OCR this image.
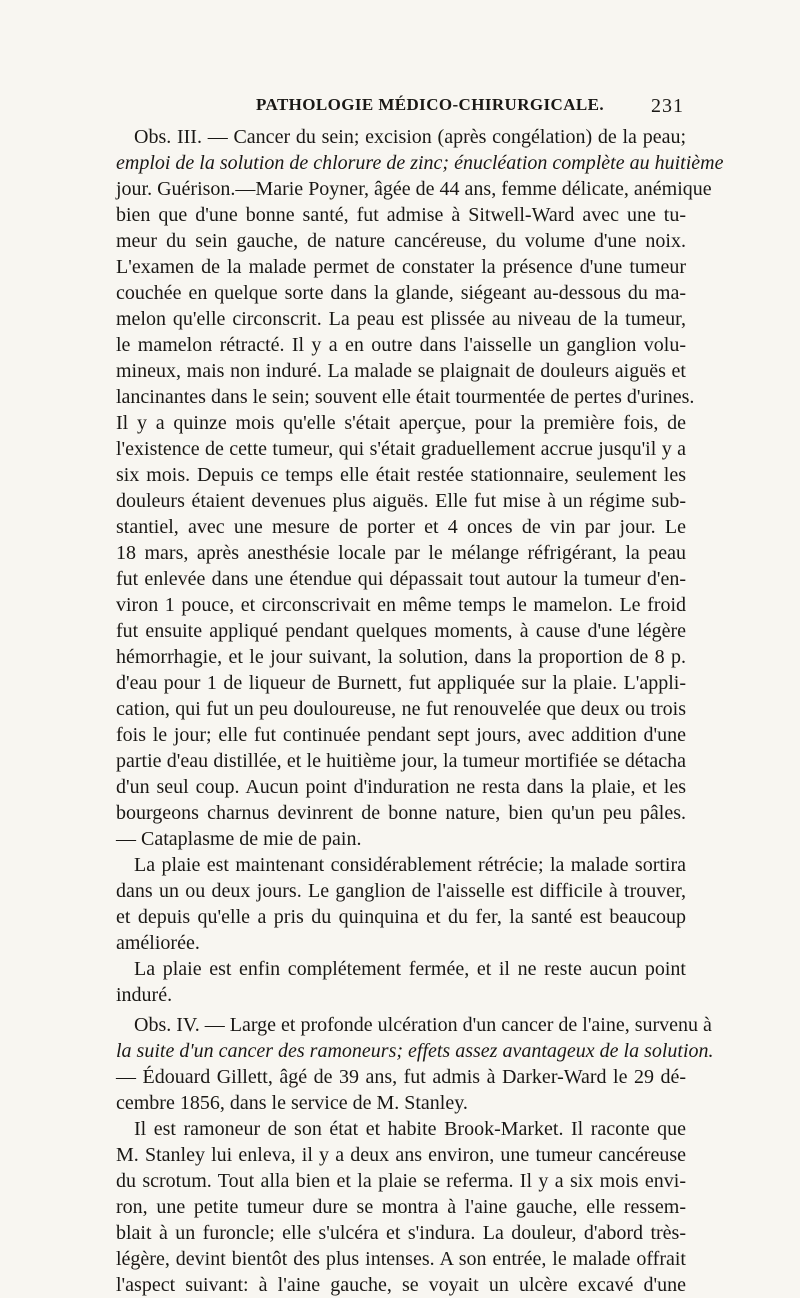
PATHOLOGIE MÉDICO-CHIRURGICALE. 231
Obs. III. — Cancer du sein; excision (après congélation) de la peau;
emploi de la solution de chlorure de zinc; énucléation complète au huitième
jour. Guérison.—Marie Poyner, âgée de 44 ans, femme délicate, anémique
bien que d'une bonne santé, fut admise à Sitwell-Ward avec une tu-
meur du sein gauche, de nature cancéreuse, du volume d'une noix.
L'examen de la malade permet de constater la présence d'une tumeur
couchée en quelque sorte dans la glande, siégeant au-dessous du ma-
melon qu'elle circonscrit. La peau est plissée au niveau de la tumeur,
le mamelon rétracté. Il y a en outre dans l'aisselle un ganglion volu-
mineux, mais non induré. La malade se plaignait de douleurs aiguës et
lancinantes dans le sein; souvent elle était tourmentée de pertes d'urines.
Il y a quinze mois qu'elle s'était aperçue, pour la première fois, de
l'existence de cette tumeur, qui s'était graduellement accrue jusqu'il y a
six mois. Depuis ce temps elle était restée stationnaire, seulement les
douleurs étaient devenues plus aiguës. Elle fut mise à un régime sub-
stantiel, avec une mesure de porter et 4 onces de vin par jour. Le
18 mars, après anesthésie locale par le mélange réfrigérant, la peau
fut enlevée dans une étendue qui dépassait tout autour la tumeur d'en-
viron 1 pouce, et circonscrivait en même temps le mamelon. Le froid
fut ensuite appliqué pendant quelques moments, à cause d'une légère
hémorrhagie, et le jour suivant, la solution, dans la proportion de 8 p.
d'eau pour 1 de liqueur de Burnett, fut appliquée sur la plaie. L'appli-
cation, qui fut un peu douloureuse, ne fut renouvelée que deux ou trois
fois le jour; elle fut continuée pendant sept jours, avec addition d'une
partie d'eau distillée, et le huitième jour, la tumeur mortifiée se détacha
d'un seul coup. Aucun point d'induration ne resta dans la plaie, et les
bourgeons charnus devinrent de bonne nature, bien qu'un peu pâles.
— Cataplasme de mie de pain.
La plaie est maintenant considérablement rétrécie; la malade sortira
dans un ou deux jours. Le ganglion de l'aisselle est difficile à trouver,
et depuis qu'elle a pris du quinquina et du fer, la santé est beaucoup
améliorée.
La plaie est enfin complétement fermée, et il ne reste aucun point
induré.
Obs. IV. — Large et profonde ulcération d'un cancer de l'aine, survenu à
la suite d'un cancer des ramoneurs; effets assez avantageux de la solution.
— Édouard Gillett, âgé de 39 ans, fut admis à Darker-Ward le 29 dé-
cembre 1856, dans le service de M. Stanley.
Il est ramoneur de son état et habite Brook-Market. Il raconte que
M. Stanley lui enleva, il y a deux ans environ, une tumeur cancéreuse
du scrotum. Tout alla bien et la plaie se referma. Il y a six mois envi-
ron, une petite tumeur dure se montra à l'aine gauche, elle ressem-
blait à un furoncle; elle s'ulcéra et s'indura. La douleur, d'abord très-
légère, devint bientôt des plus intenses. A son entrée, le malade offrait
l'aspect suivant: à l'aine gauche, se voyait un ulcère excavé d'une
